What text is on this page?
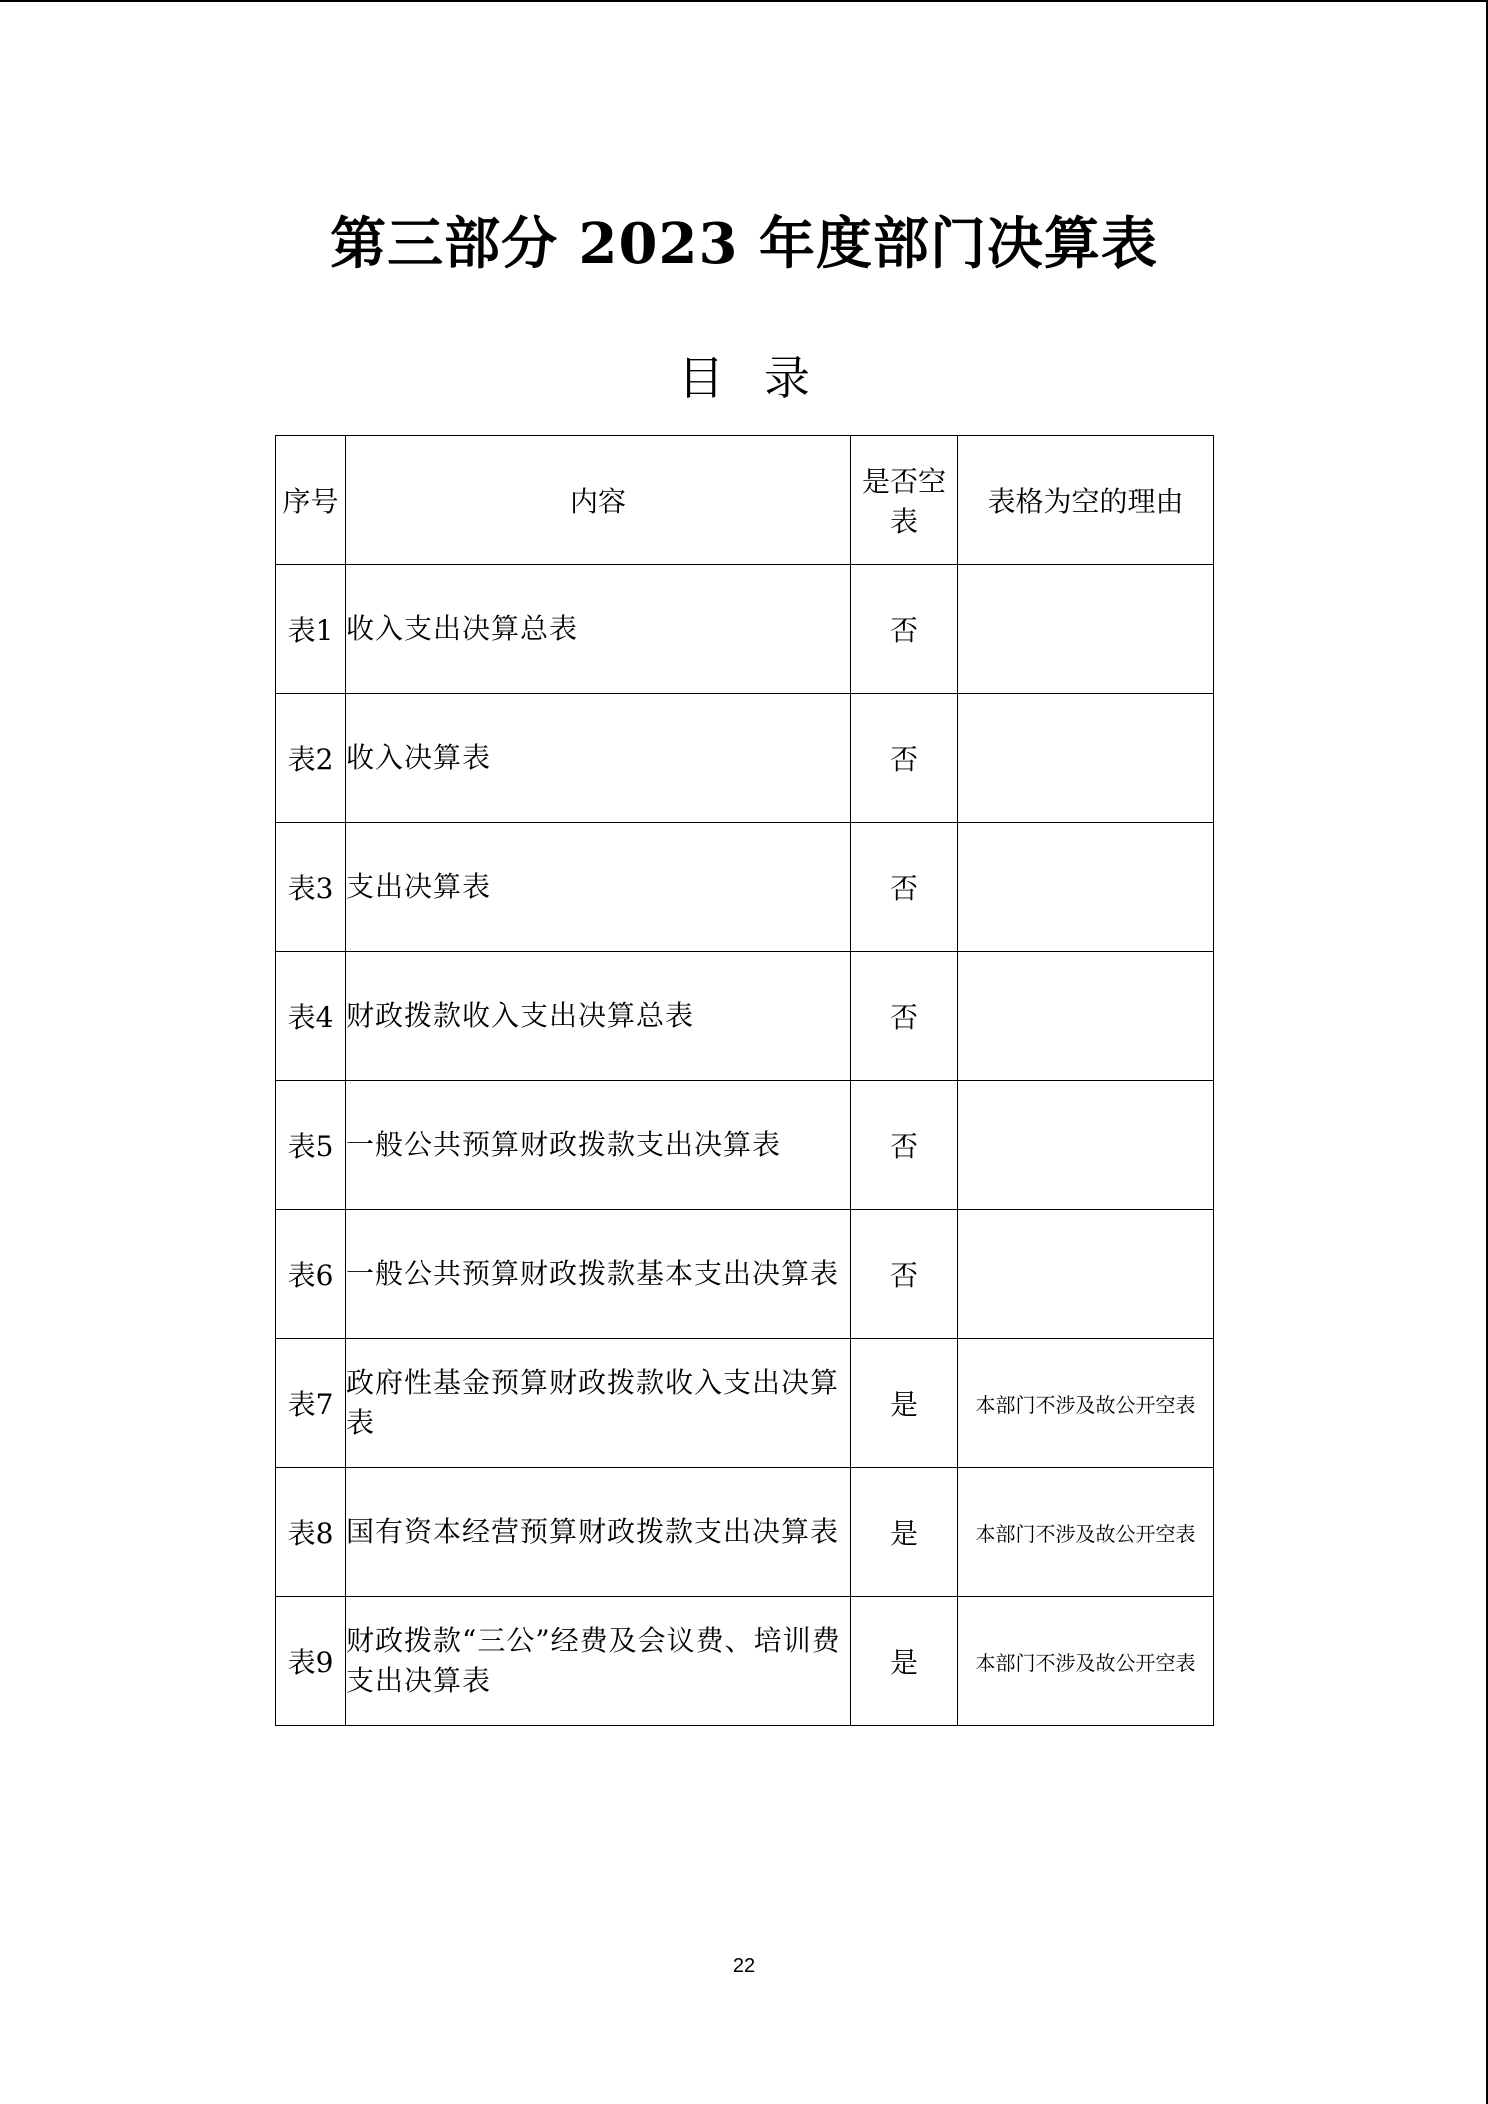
第三部分 2023 年度部门决算表
目录
序号	内容	是否空表	表格为空的理由
表1	收入支出决算总表	否	
表2	收入决算表	否	
表3	支出决算表	否	
表4	财政拨款收入支出决算总表	否	
表5	一般公共预算财政拨款支出决算表	否	
表6	一般公共预算财政拨款基本支出决算表	否	
表7	政府性基金预算财政拨款收入支出决算表	是	本部门不涉及故公开空表
表8	国有资本经营预算财政拨款支出决算表	是	本部门不涉及故公开空表
表9	财政拨款“三公”经费及会议费、培训费支出决算表	是	本部门不涉及故公开空表
22
